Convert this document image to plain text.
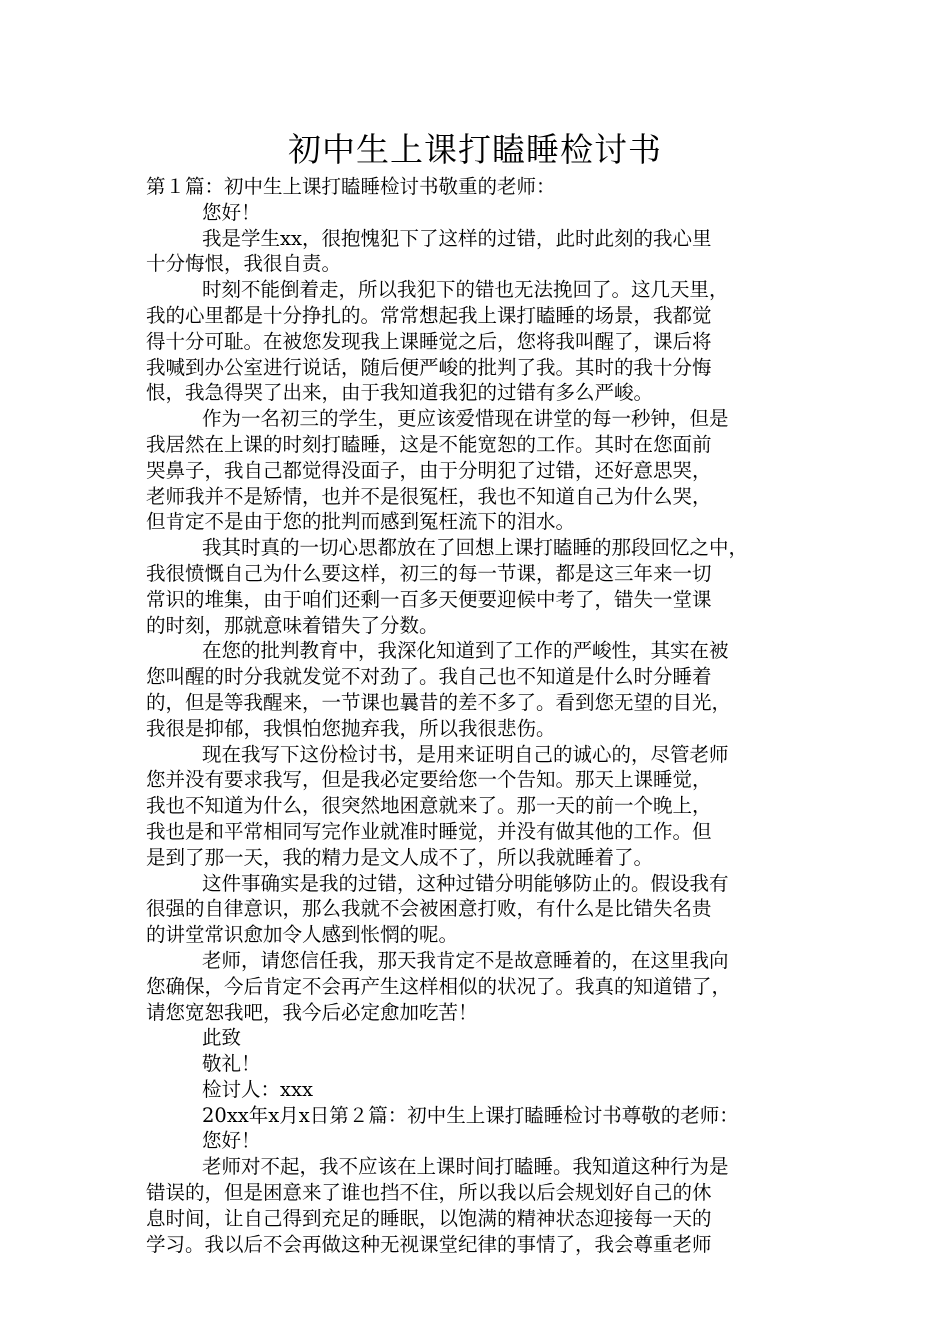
初中生上课打瞌睡检讨书
第１篇：初中生上课打瞌睡检讨书敬重的老师：
您好！
我是学生xx，很抱愧犯下了这样的过错，此时此刻的我心里
十分悔恨，我很自责。
时刻不能倒着走，所以我犯下的错也无法挽回了。这几天里，
我的心里都是十分挣扎的。常常想起我上课打瞌睡的场景，我都觉
得十分可耻。在被您发现我上课睡觉之后，您将我叫醒了，课后将
我喊到办公室进行说话，随后便严峻的批判了我。其时的我十分悔
恨，我急得哭了出来，由于我知道我犯的过错有多么严峻。
作为一名初三的学生，更应该爱惜现在讲堂的每一秒钟，但是
我居然在上课的时刻打瞌睡，这是不能宽恕的工作。其时在您面前
哭鼻子，我自己都觉得没面子，由于分明犯了过错，还好意思哭，
老师我并不是矫情，也并不是很冤枉，我也不知道自己为什么哭，
但肯定不是由于您的批判而感到冤枉流下的泪水。
我其时真的一切心思都放在了回想上课打瞌睡的那段回忆之中，
我很愤慨自己为什么要这样，初三的每一节课，都是这三年来一切
常识的堆集，由于咱们还剩一百多天便要迎候中考了，错失一堂课
的时刻，那就意味着错失了分数。
在您的批判教育中，我深化知道到了工作的严峻性，其实在被
您叫醒的时分我就发觉不对劲了。我自己也不知道是什么时分睡着
的，但是等我醒来，一节课也曩昔的差不多了。看到您无望的目光，
我很是抑郁，我惧怕您抛弃我，所以我很悲伤。
现在我写下这份检讨书，是用来证明自己的诚心的，尽管老师
您并没有要求我写，但是我必定要给您一个告知。那天上课睡觉，
我也不知道为什么，很突然地困意就来了。那一天的前一个晚上，
我也是和平常相同写完作业就准时睡觉，并没有做其他的工作。但
是到了那一天，我的精力是文人成不了，所以我就睡着了。
这件事确实是我的过错，这种过错分明能够防止的。假设我有
很强的自律意识，那么我就不会被困意打败，有什么是比错失名贵
的讲堂常识愈加令人感到怅惘的呢。
老师，请您信任我，那天我肯定不是故意睡着的，在这里我向
您确保，今后肯定不会再产生这样相似的状况了。我真的知道错了，
请您宽恕我吧，我今后必定愈加吃苦！
此致
敬礼！
检讨人：xxx
20xx年x月x日第２篇：初中生上课打瞌睡检讨书尊敬的老师：
您好！
老师对不起，我不应该在上课时间打瞌睡。我知道这种行为是
错误的，但是困意来了谁也挡不住，所以我以后会规划好自己的休
息时间，让自己得到充足的睡眠，以饱满的精神状态迎接每一天的
学习。我以后不会再做这种无视课堂纪律的事情了，我会尊重老师
